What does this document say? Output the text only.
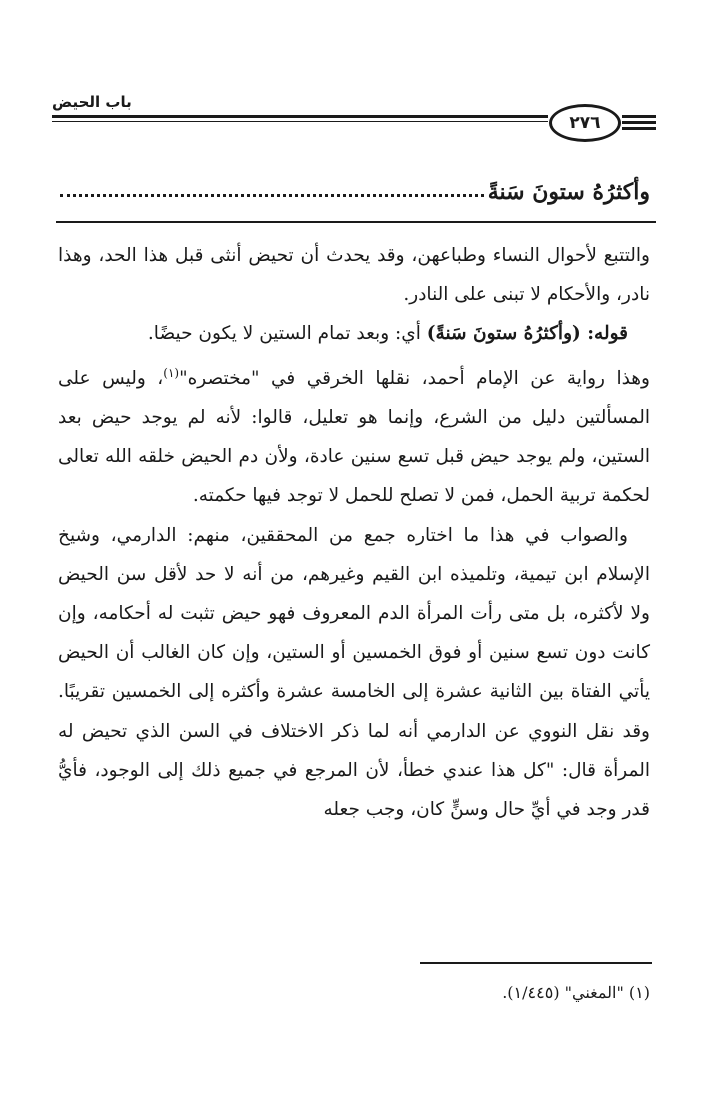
باب الحيض
٢٧٦
وأكثرُهُ ستونَ سَنةً

والتتبع لأحوال النساء وطباعهن، وقد يحدث أن تحيض أنثى قبل هذا الحد، وهذا نادر، والأحكام لا تبنى على النادر.

قوله: (وأكثرُهُ ستونَ سَنةً) أي: وبعد تمام الستين لا يكون حيضًا.

وهذا رواية عن الإمام أحمد، نقلها الخرقي في "مختصره"$^{(١)}$، وليس على المسألتين دليل من الشرع، وإنما هو تعليل، قالوا: لأنه لم يوجد حيض بعد الستين، ولم يوجد حيض قبل تسع سنين عادة، ولأن دم الحيض خلقه الله تعالى لحكمة تربية الحمل، فمن لا تصلح للحمل لا توجد فيها حكمته.

والصواب في هذا ما اختاره جمع من المحققين، منهم: الدارمي، وشيخ الإسلام ابن تيمية، وتلميذه ابن القيم وغيرهم، من أنه لا حد لأقل سن الحيض ولا لأكثره، بل متى رأت المرأة الدم المعروف فهو حيض تثبت له أحكامه، وإن كانت دون تسع سنين أو فوق الخمسين أو الستين، وإن كان الغالب أن الحيض يأتي الفتاة بين الثانية عشرة إلى الخامسة عشرة وأكثره إلى الخمسين تقريبًا. وقد نقل النووي عن الدارمي أنه لما ذكر الاختلاف في السن الذي تحيض له المرأة قال: "كل هذا عندي خطأ، لأن المرجع في جميع ذلك إلى الوجود، فأيُّ قدر وجد في أيِّ حال وسنٍّ كان، وجب جعله

(١) "المغني" (١/٤٤٥).
